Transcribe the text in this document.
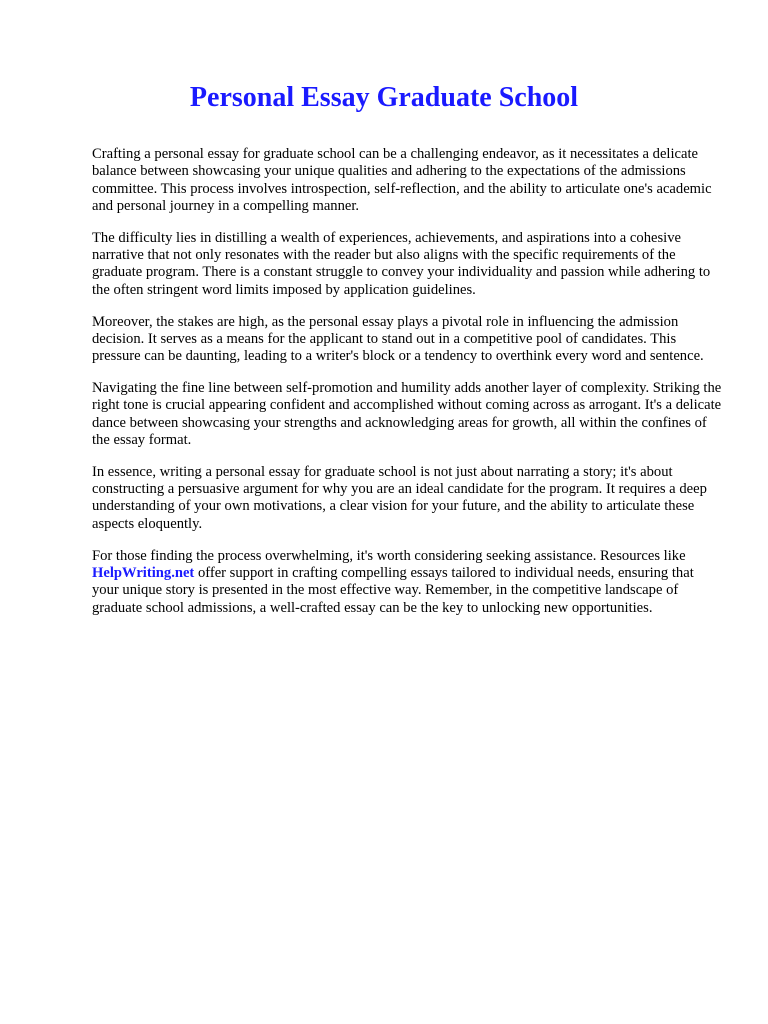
Personal Essay Graduate School

Crafting a personal essay for graduate school can be a challenging endeavor, as it necessitates a delicate balance between showcasing your unique qualities and adhering to the expectations of the admissions committee. This process involves introspection, self-reflection, and the ability to articulate one's academic and personal journey in a compelling manner.

The difficulty lies in distilling a wealth of experiences, achievements, and aspirations into a cohesive narrative that not only resonates with the reader but also aligns with the specific requirements of the graduate program. There is a constant struggle to convey your individuality and passion while adhering to the often stringent word limits imposed by application guidelines.

Moreover, the stakes are high, as the personal essay plays a pivotal role in influencing the admission decision. It serves as a means for the applicant to stand out in a competitive pool of candidates. This pressure can be daunting, leading to a writer's block or a tendency to overthink every word and sentence.

Navigating the fine line between self-promotion and humility adds another layer of complexity. Striking the right tone is crucial appearing confident and accomplished without coming across as arrogant. It's a delicate dance between showcasing your strengths and acknowledging areas for growth, all within the confines of the essay format.

In essence, writing a personal essay for graduate school is not just about narrating a story; it's about constructing a persuasive argument for why you are an ideal candidate for the program. It requires a deep understanding of your own motivations, a clear vision for your future, and the ability to articulate these aspects eloquently.

For those finding the process overwhelming, it's worth considering seeking assistance. Resources like HelpWriting.net offer support in crafting compelling essays tailored to individual needs, ensuring that your unique story is presented in the most effective way. Remember, in the competitive landscape of graduate school admissions, a well-crafted essay can be the key to unlocking new opportunities.
